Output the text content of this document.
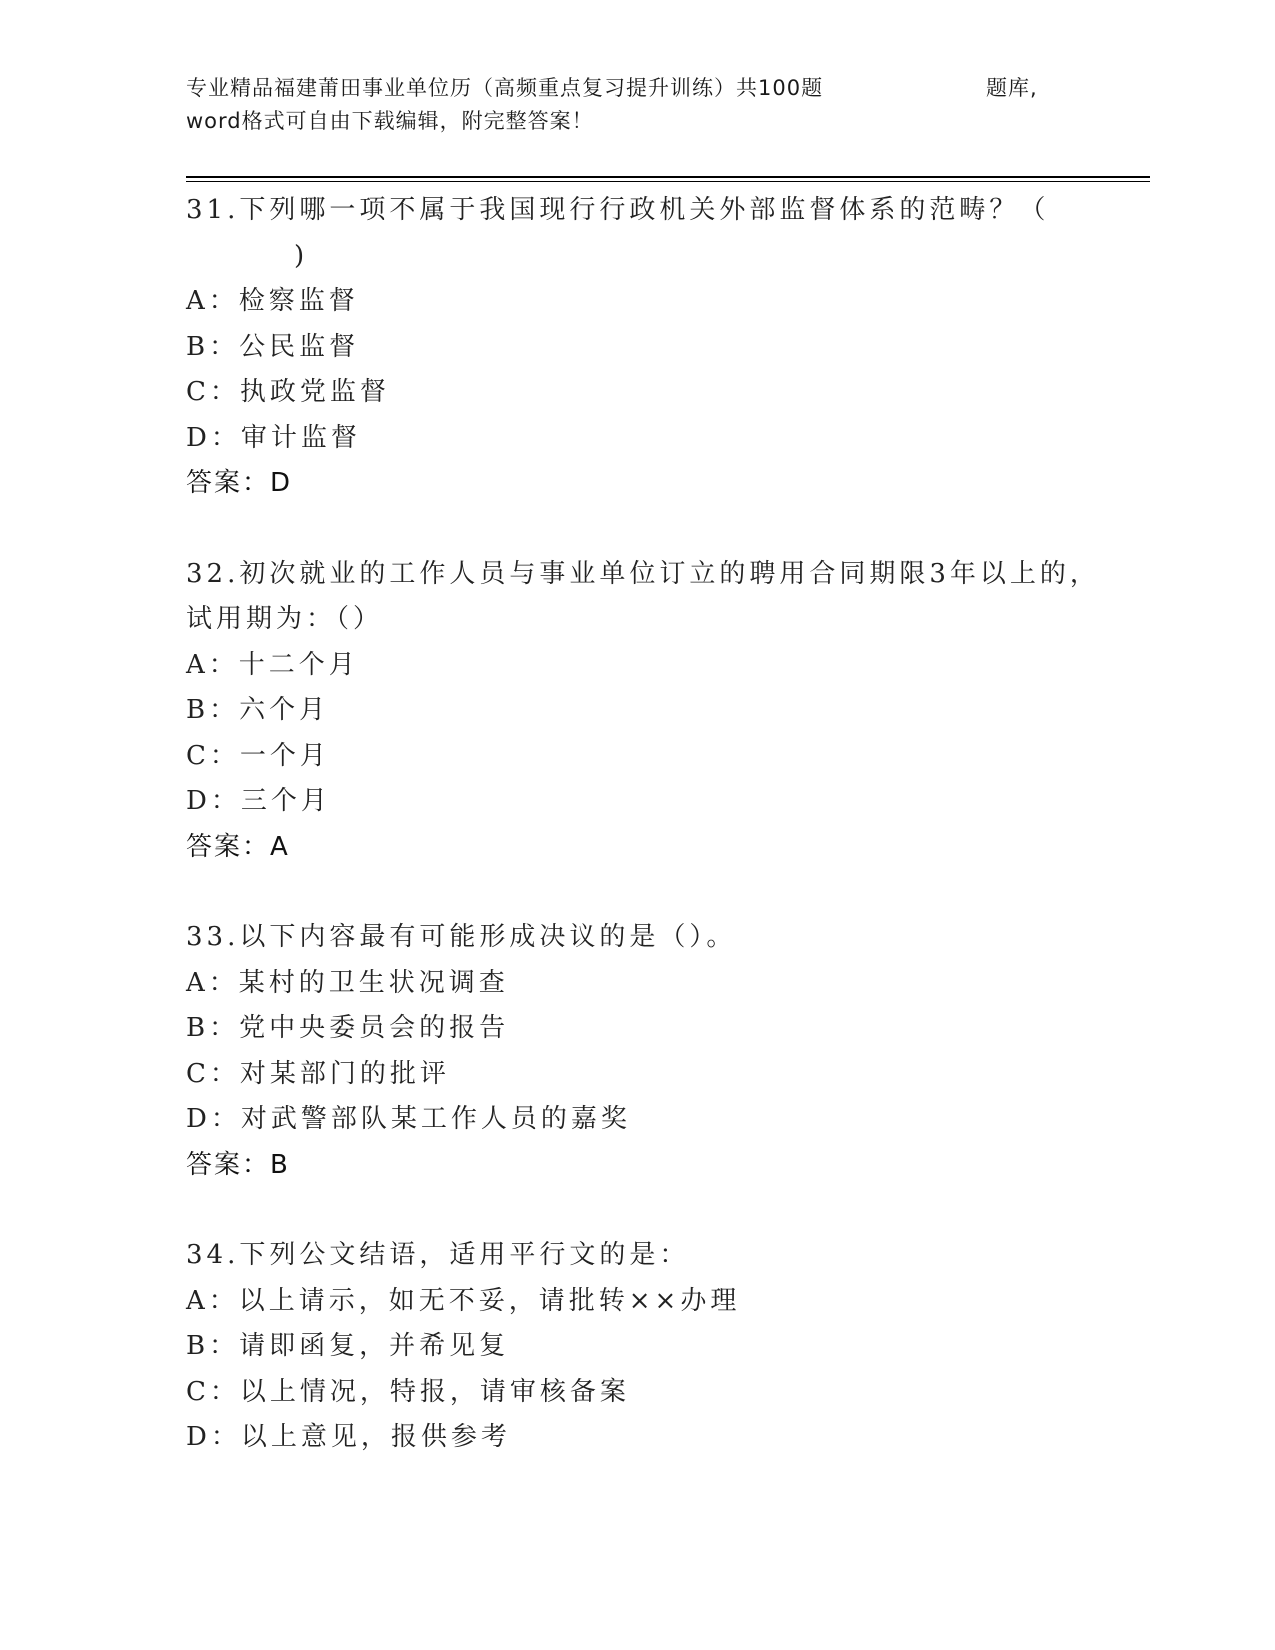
专业精品福建莆田事业单位历（高频重点复习提升训练）共100题	题库,
word格式可自由下载编辑，附完整答案！
31.下列哪一项不属于我国现行行政机关外部监督体系的范畴？（
)
A：检察监督
B：公民监督
C：执政党监督
D：审计监督
答案：D
32.初次就业的工作人员与事业单位订立的聘用合同期限3年以上的，
试用期为：（）
A：十二个月
B：六个月
C：一个月
D：三个月
答案：A
33.以下内容最有可能形成决议的是（）。
A：某村的卫生状况调查
B：党中央委员会的报告
C：对某部门的批评
D：对武警部队某工作人员的嘉奖
答案：B
34.下列公文结语，适用平行文的是：
A：以上请示，如无不妥，请批转××办理
B：请即函复，并希见复
C：以上情况，特报，请审核备案
D：以上意见，报供参考
